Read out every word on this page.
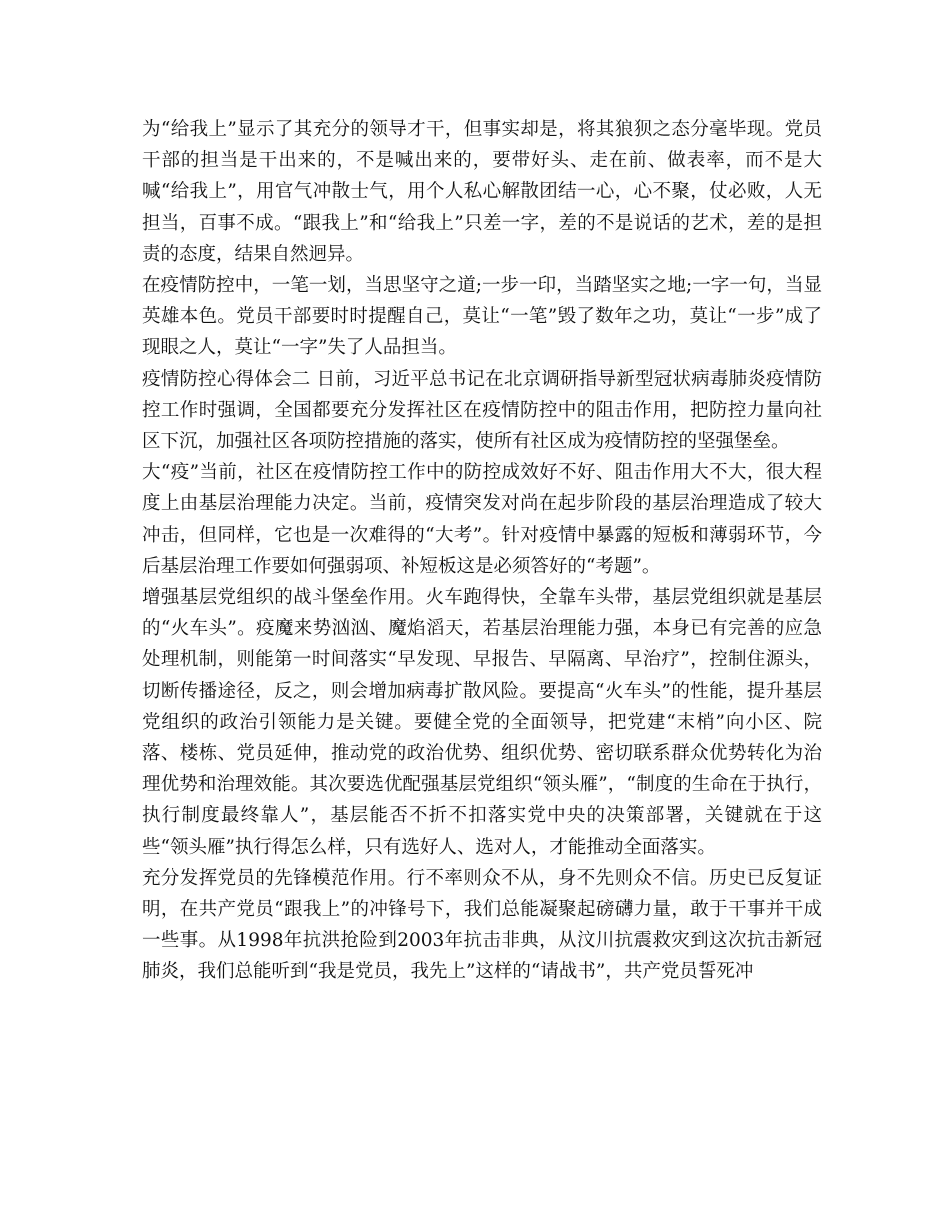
为“给我上”显示了其充分的领导才干，但事实却是，将其狼狈之态分毫毕现。党员干部的担当是干出来的，不是喊出来的，要带好头、走在前、做表率，而不是大喊“给我上”，用官气冲散士气，用个人私心解散团结一心，心不聚，仗必败，人无担当，百事不成。“跟我上”和“给我上”只差一字，差的不是说话的艺术，差的是担责的态度，结果自然迥异。

在疫情防控中，一笔一划，当思坚守之道;一步一印，当踏坚实之地;一字一句，当显英雄本色。党员干部要时时提醒自己，莫让“一笔”毁了数年之功，莫让“一步”成了现眼之人，莫让“一字”失了人品担当。

疫情防控心得体会二 日前，习近平总书记在北京调研指导新型冠状病毒肺炎疫情防控工作时强调，全国都要充分发挥社区在疫情防控中的阻击作用，把防控力量向社区下沉，加强社区各项防控措施的落实，使所有社区成为疫情防控的坚强堡垒。

大“疫”当前，社区在疫情防控工作中的防控成效好不好、阻击作用大不大，很大程度上由基层治理能力决定。当前，疫情突发对尚在起步阶段的基层治理造成了较大冲击，但同样，它也是一次难得的“大考”。针对疫情中暴露的短板和薄弱环节，今后基层治理工作要如何强弱项、补短板这是必须答好的“考题”。

增强基层党组织的战斗堡垒作用。火车跑得快，全靠车头带，基层党组织就是基层的“火车头”。疫魔来势汹汹、魔焰滔天，若基层治理能力强，本身已有完善的应急处理机制，则能第一时间落实“早发现、早报告、早隔离、早治疗”，控制住源头，切断传播途径，反之，则会增加病毒扩散风险。要提高“火车头”的性能，提升基层党组织的政治引领能力是关键。要健全党的全面领导，把党建“末梢”向小区、院落、楼栋、党员延伸，推动党的政治优势、组织优势、密切联系群众优势转化为治理优势和治理效能。其次要选优配强基层党组织“领头雁”，“制度的生命在于执行，执行制度最终靠人”，基层能否不折不扣落实党中央的决策部署，关键就在于这些“领头雁”执行得怎么样，只有选好人、选对人，才能推动全面落实。

充分发挥党员的先锋模范作用。行不率则众不从，身不先则众不信。历史已反复证明，在共产党员“跟我上”的冲锋号下，我们总能凝聚起磅礴力量，敢于干事并干成一些事。从1998年抗洪抢险到2003年抗击非典，从汶川抗震救灾到这次抗击新冠肺炎，我们总能听到“我是党员，我先上”这样的“请战书”，共产党员誓死冲
